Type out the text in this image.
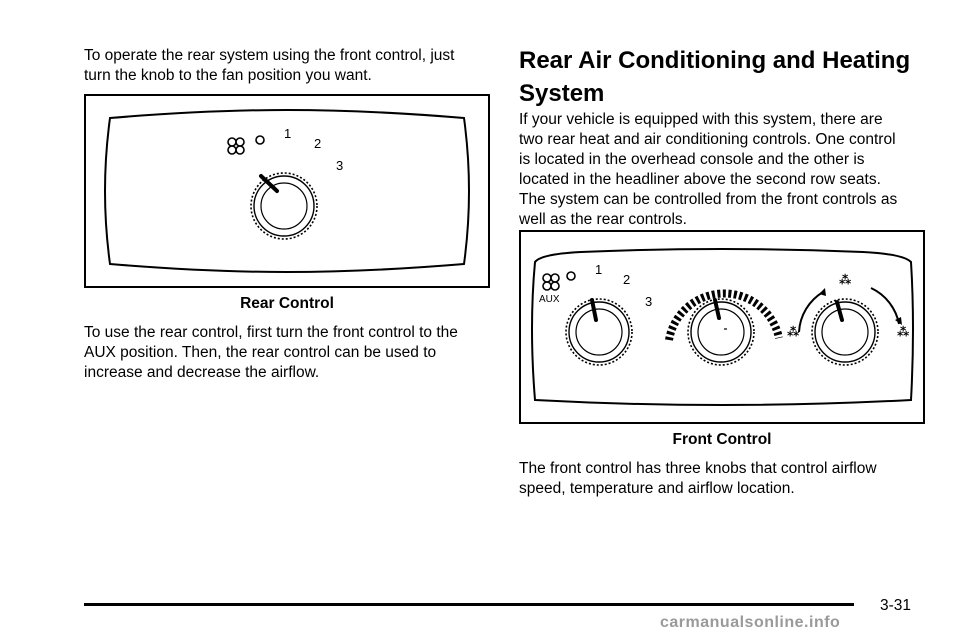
To operate the rear system using the front control, just
turn the knob to the fan position you want.

1
2
3

Rear Control

To use the rear control, first turn the front control to the
AUX position. Then, the rear control can be used to
increase and decrease the airflow.

Rear Air Conditioning and Heating
System

If your vehicle is equipped with this system, there are
two rear heat and air conditioning controls. One control
is located in the overhead console and the other is
located in the headliner above the second row seats.
The system can be controlled from the front controls as
well as the rear controls.

AUX
1
2
3
⁂
⁂	⁂

Front Control

The front control has three knobs that control airflow
speed, temperature and airflow location.

3-31
carmanualsonline.info
